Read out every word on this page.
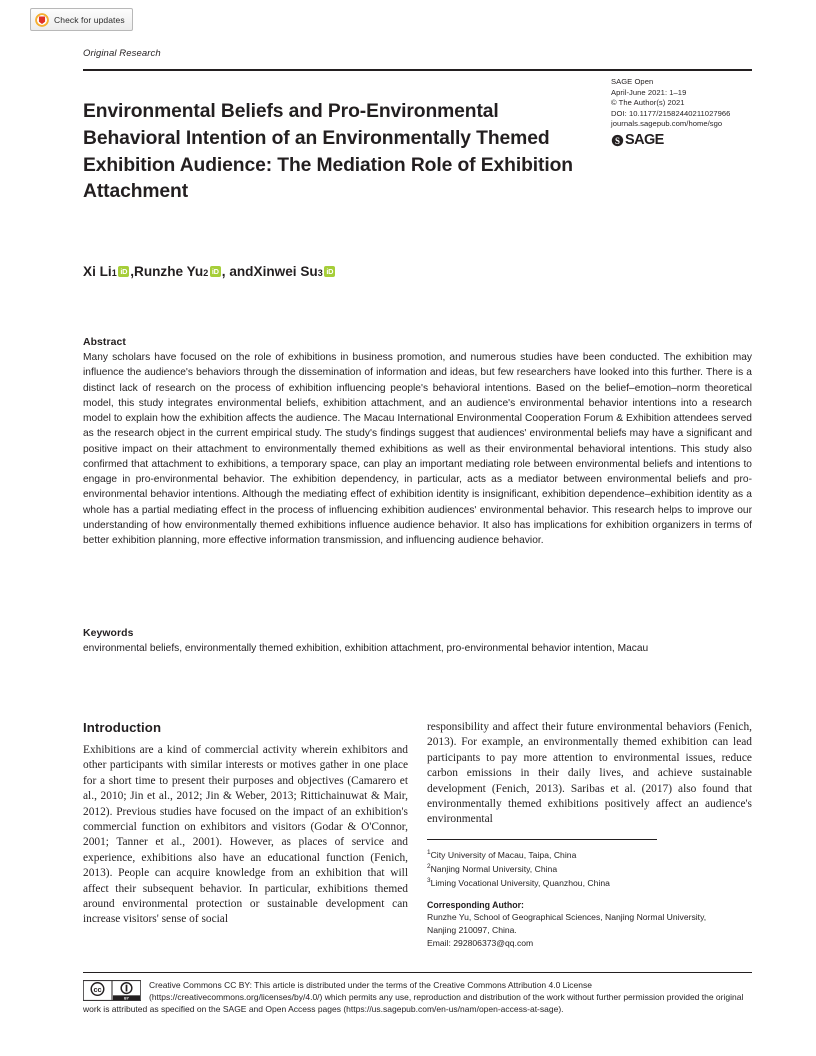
Check for updates
Original Research
Environmental Beliefs and Pro-Environmental Behavioral Intention of an Environmentally Themed Exhibition Audience: The Mediation Role of Exhibition Attachment
SAGE Open
April-June 2021: 1–19
© The Author(s) 2021
DOI: 10.1177/21582440211027966
journals.sagepub.com/home/sgo
S SAGE
Xi Li 1 iD , Runzhe Yu 2 iD , and Xinwei Su 3
iD
Abstract
Many scholars have focused on the role of exhibitions in business promotion, and numerous studies have been conducted. The exhibition may influence the audience's behaviors through the dissemination of information and ideas, but few researchers have looked into this further. There is a distinct lack of research on the process of exhibition influencing people's behavioral intentions. Based on the belief–emotion–norm theoretical model, this study integrates environmental beliefs, exhibition attachment, and an audience's environmental behavior intentions into a research model to explain how the exhibition affects the audience. The Macau International Environmental Cooperation Forum & Exhibition attendees served as the research object in the current empirical study. The study's findings suggest that audiences' environmental beliefs may have a significant and positive impact on their attachment to environmentally themed exhibitions as well as their environmental behavioral intentions. This study also confirmed that attachment to exhibitions, a temporary space, can play an important mediating role between environmental beliefs and intentions to engage in pro-environmental behavior. The exhibition dependency, in particular, acts as a mediator between environmental beliefs and pro-environmental behavior intentions. Although the mediating effect of exhibition identity is insignificant, exhibition dependence–exhibition identity as a whole has a partial mediating effect in the process of influencing exhibition audiences' environmental behavior. This research helps to improve our understanding of how environmentally themed exhibitions influence audience behavior. It also has implications for exhibition organizers in terms of better exhibition planning, more effective information transmission, and influencing audience behavior.
Keywords
environmental beliefs, environmentally themed exhibition, exhibition attachment, pro-environmental behavior intention, Macau
Introduction

Exhibitions are a kind of commercial activity wherein exhibitors and other participants with similar interests or motives gather in one place for a short time to present their purposes and objectives (Camarero et al., 2010; Jin et al., 2012; Jin & Weber, 2013; Rittichainuwat & Mair, 2012). Previous studies have focused on the impact of an exhibition's commercial function on exhibitors and visitors (Godar & O'Connor, 2001; Tanner et al., 2001). However, as places of service and experience, exhibitions also have an educational function (Fenich, 2013). People can acquire knowledge from an exhibition that will affect their subsequent behavior. In particular, exhibitions themed around environmental protection or sustainable development can increase visitors' sense of social

responsibility and affect their future environmental behaviors (Fenich, 2013). For example, an environmentally themed exhibition can lead participants to pay more attention to environmental issues, reduce carbon emissions in their daily lives, and achieve sustainable development (Fenich, 2013). Saribas et al. (2017) also found that environmentally themed exhibitions positively affect an audience's environmental

$^1$City University of Macau, Taipa, China
$^2$Nanjing Normal University, China
$^3$Liming Vocational University, Quanzhou, China
Corresponding Author:
Runzhe Yu, School of Geographical Sciences, Nanjing Normal University,
Nanjing 210097, China.
Email: 292806373@qq.com
cc
BY
Creative Commons CC BY: This article is distributed under the terms of the Creative Commons Attribution 4.0 License (https://creativecommons.org/licenses/by/4.0/) which permits any use, reproduction and distribution of the work without further permission provided the original work is attributed as specified on the SAGE and Open Access pages (https://us.sagepub.com/en-us/nam/open-access-at-sage).
